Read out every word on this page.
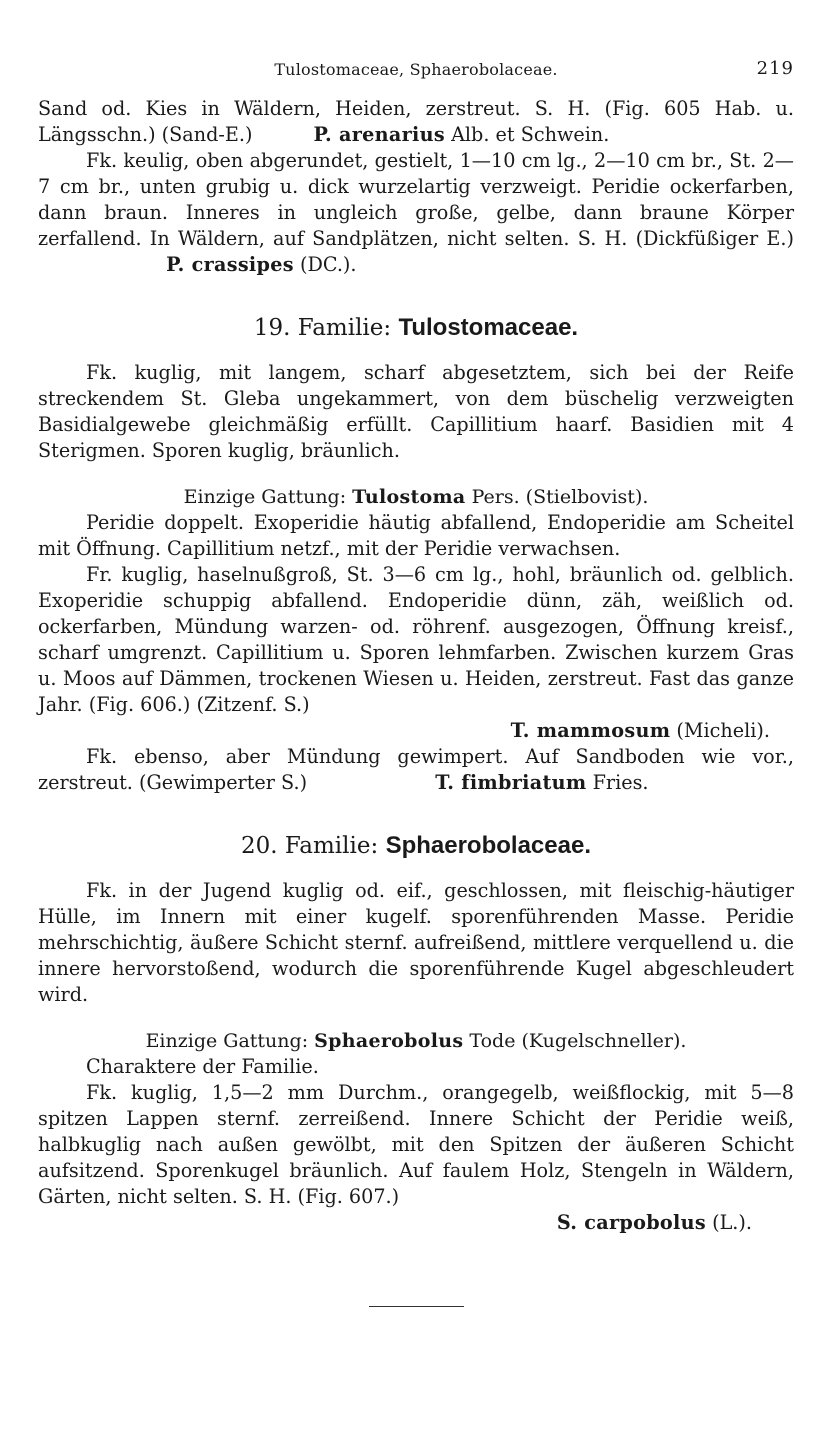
Tulostomaceae, Sphaerobolaceae.	219

Sand od. Kies in Wäldern, Heiden, zerstreut. S. H. (Fig. 605 Hab. u. Längsschn.) (Sand-E.)	P. arenarius Alb. et Schwein.

Fk. keulig, oben abgerundet, gestielt, 1—10 cm lg., 2—10 cm br., St. 2—7 cm br., unten grubig u. dick wurzelartig verzweigt. Peridie ockerfarben, dann braun. Inneres in ungleich große, gelbe, dann braune Körper zerfallend. In Wäldern, auf Sandplätzen, nicht selten. S. H. (Dickfüßiger E.)                      P. crassipes (DC.).

19. Familie: Tulostomaceae.

Fk. kuglig, mit langem, scharf abgesetztem, sich bei der Reife streckendem St. Gleba ungekammert, von dem büschelig verzweigten Basidialgewebe gleichmäßig erfüllt. Capillitium haarf. Basidien mit 4 Sterigmen. Sporen kuglig, bräunlich.

Einzige Gattung: Tulostoma Pers. (Stielbovist).

Peridie doppelt. Exoperidie häutig abfallend, Endoperidie am Scheitel mit Öffnung. Capillitium netzf., mit der Peridie verwachsen.

Fr. kuglig, haselnußgroß, St. 3—6 cm lg., hohl, bräunlich od. gelblich. Exoperidie schuppig abfallend. Endoperidie dünn, zäh, weißlich od. ockerfarben, Mündung warzen- od. röhrenf. ausgezogen, Öffnung kreisf., scharf umgrenzt. Capillitium u. Sporen lehmfarben. Zwischen kurzem Gras u. Moos auf Dämmen, trockenen Wiesen u. Heiden, zerstreut. Fast das ganze Jahr. (Fig. 606.) (Zitzenf. S.)

T. mammosum (Micheli).

Fk. ebenso, aber Mündung gewimpert. Auf Sandboden wie vor., zerstreut. (Gewimperter S.)	T. fimbriatum Fries.

20. Familie: Sphaerobolaceae.

Fk. in der Jugend kuglig od. eif., geschlossen, mit fleischig-häutiger Hülle, im Innern mit einer kugelf. sporenführenden Masse. Peridie mehrschichtig, äußere Schicht sternf. aufreißend, mittlere verquellend u. die innere hervorstoßend, wodurch die sporenführende Kugel abgeschleudert wird.

Einzige Gattung: Sphaerobolus Tode (Kugelschneller).

Charaktere der Familie.

Fk. kuglig, 1,5—2 mm Durchm., orangegelb, weißflockig, mit 5—8 spitzen Lappen sternf. zerreißend. Innere Schicht der Peridie weiß, halbkuglig nach außen gewölbt, mit den Spitzen der äußeren Schicht aufsitzend. Sporenkugel bräunlich. Auf faulem Holz, Stengeln in Wäldern, Gärten, nicht selten. S. H. (Fig. 607.)

S. carpobolus (L.).
